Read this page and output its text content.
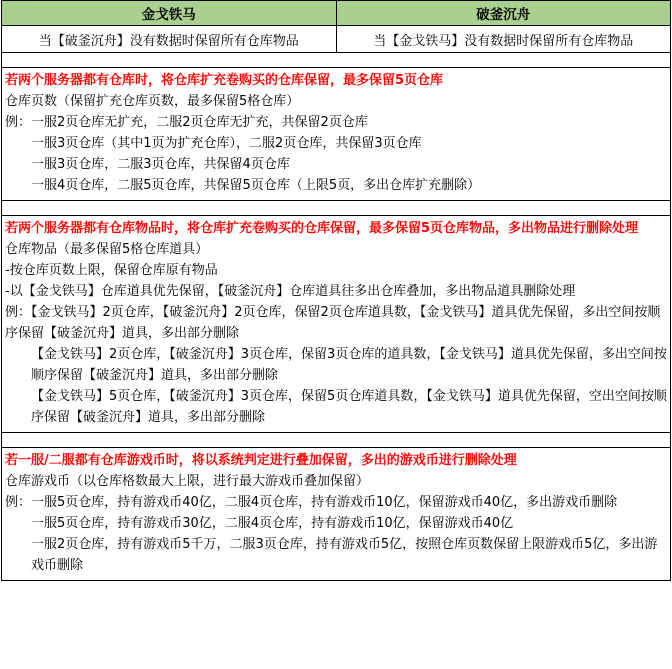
金戈铁马	破釜沉舟
当【破釜沉舟】没有数据时保留所有仓库物品	当【金戈铁马】没有数据时保留所有仓库物品
若两个服务器都有仓库时，将仓库扩充卷购买的仓库保留，最多保留5页仓库
仓库页数（保留扩充仓库页数，最多保留5格仓库）
例：一服2页仓库无扩充，二服2页仓库无扩充，共保留2页仓库
一服3页仓库（其中1页为扩充仓库），二服2页仓库，共保留3页仓库
一服3页仓库，二服3页仓库，共保留4页仓库
一服4页仓库，二服5页仓库，共保留5页仓库（上限5页，多出仓库扩充删除）
若两个服务器都有仓库物品时，将仓库扩充卷购买的仓库保留，最多保留5页仓库物品，多出物品进行删除处理
仓库物品（最多保留5格仓库道具）
-按仓库页数上限，保留仓库原有物品
-以【金戈铁马】仓库道具优先保留，【破釜沉舟】仓库道具往多出仓库叠加，多出物品道具删除处理
例：【金戈铁马】2页仓库，【破釜沉舟】2页仓库，保留2页仓库道具数，【金戈铁马】道具优先保留，多出空间按顺序保留【破釜沉舟】道具，多出部分删除
【金戈铁马】2页仓库，【破釜沉舟】3页仓库，保留3页仓库的道具数，【金戈铁马】道具优先保留，多出空间按顺序保留【破釜沉舟】道具，多出部分删除
【金戈铁马】5页仓库，【破釜沉舟】3页仓库，保留5页仓库道具数，【金戈铁马】道具优先保留，空出空间按顺序保留【破釜沉舟】道具，多出部分删除
若一服/二服都有仓库游戏币时，将以系统判定进行叠加保留，多出的游戏币进行删除处理
仓库游戏币（以仓库格数最大上限，进行最大游戏币叠加保留）
例：一服5页仓库，持有游戏币40亿，二服4页仓库，持有游戏币10亿，保留游戏币40亿，多出游戏币删除
一服5页仓库，持有游戏币30亿，二服4页仓库，持有游戏币10亿，保留游戏币40亿
一服2页仓库，持有游戏币5千万，二服3页仓库，持有游戏币5亿，按照仓库页数保留上限游戏币5亿，多出游戏币删除
